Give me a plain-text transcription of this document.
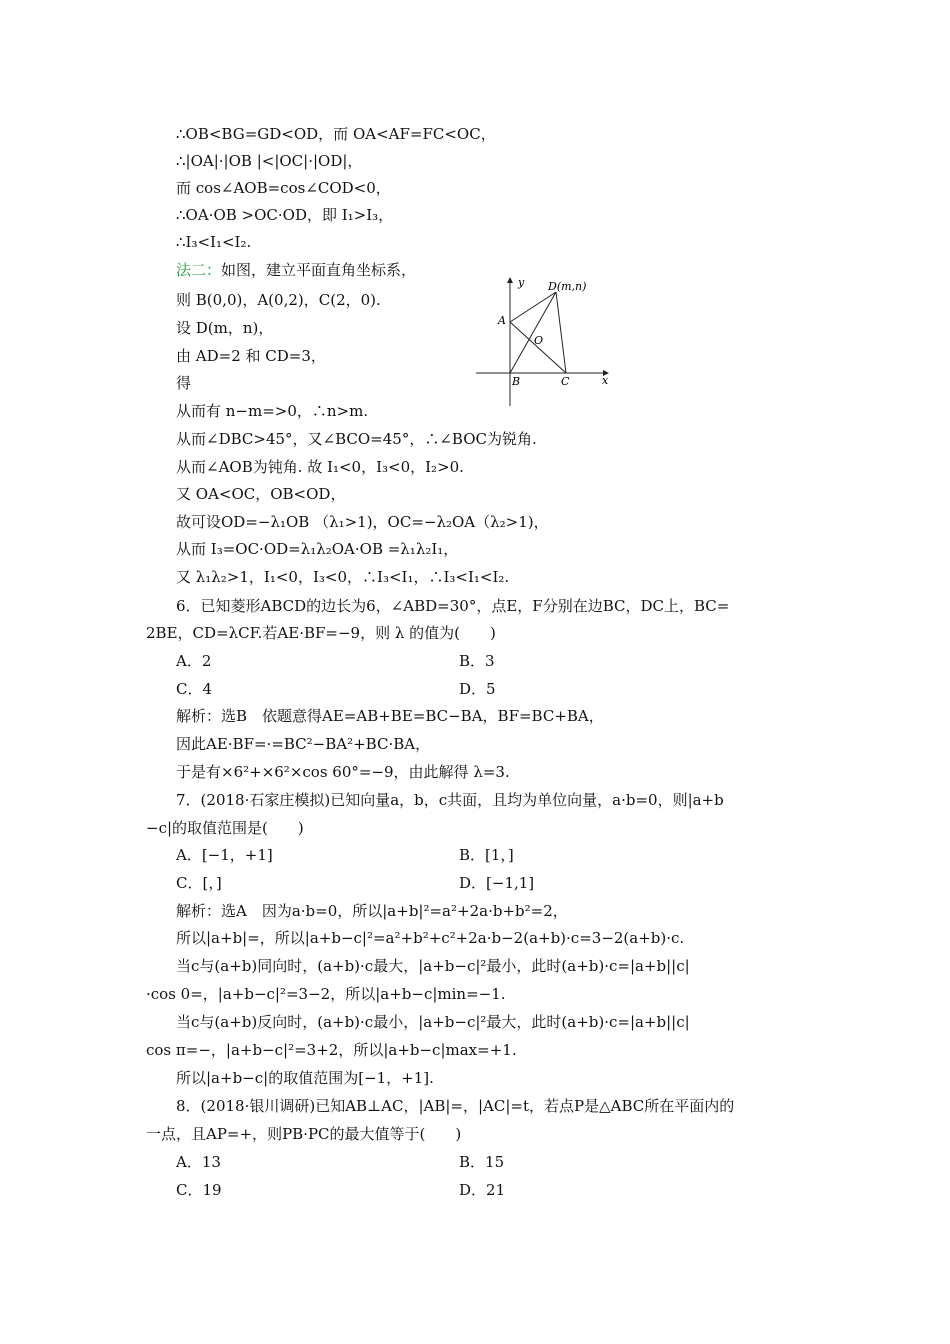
∴OB<BG=GD<OD，而 OA<AF=FC<OC，
∴|OA|·|OB |<|OC|·|OD|，
而 cos∠AOB=cos∠COD<0，
∴OA·OB >OC·OD，即 I₁>I₃，
∴I₃<I₁<I₂.
法二：如图，建立平面直角坐标系，
则 B(0,0)，A(0,2)，C(2，0).
设 D(m，n)，
由 AD=2 和 CD=3，
得
从而有 n−m=>0，∴n>m.
从而∠DBC>45°，又∠BCO=45°，∴∠BOC为锐角.
从而∠AOB为钝角. 故 I₁<0，I₃<0，I₂>0.
又 OA<OC，OB<OD，
故可设OD=−λ₁OB （λ₁>1)，OC=−λ₂OA（λ₂>1)，
从而 I₃=OC·OD=λ₁λ₂OA·OB =λ₁λ₂I₁，
又 λ₁λ₂>1，I₁<0，I₃<0，∴I₃<I₁，∴I₃<I₁<I₂.
y D(m,n)
A
O
B	C	x
6．已知菱形ABCD的边长为6，∠ABD=30°，点E，F分别在边BC，DC上，BC=
2BE，CD=λCF.若AE·BF=−9，则 λ 的值为(　　)
A．2	B．3
C．4	D．5
解析：选B　依题意得AE=AB+BE=BC−BA，BF=BC+BA，
因此AE·BF=·=BC²−BA²+BC·BA，
于是有×6²+×6²×cos 60°=−9，由此解得 λ=3.
7．(2018·石家庄模拟)已知向量a，b，c共面，且均为单位向量，a·b=0，则|a+b
−c|的取值范围是(　　)
A．[−1，+1]	B．[1，]
C．[，]	D．[−1,1]
解析：选A　因为a·b=0，所以|a+b|²=a²+2a·b+b²=2，
所以|a+b|=，所以|a+b−c|²=a²+b²+c²+2a·b−2(a+b)·c=3−2(a+b)·c.
当c与(a+b)同向时，(a+b)·c最大，|a+b−c|²最小，此时(a+b)·c=|a+b||c|
·cos 0=，|a+b−c|²=3−2，所以|a+b−c|min=−1.
当c与(a+b)反向时，(a+b)·c最小，|a+b−c|²最大，此时(a+b)·c=|a+b||c|
cos π=−，|a+b−c|²=3+2，所以|a+b−c|max=+1.
所以|a+b−c|的取值范围为[−1，+1].
8．(2018·银川调研)已知AB⊥AC，|AB|=，|AC|=t，若点P是△ABC所在平面内的
一点，且AP=+，则PB·PC的最大值等于(　　)
A．13	B．15
C．19	D．21
